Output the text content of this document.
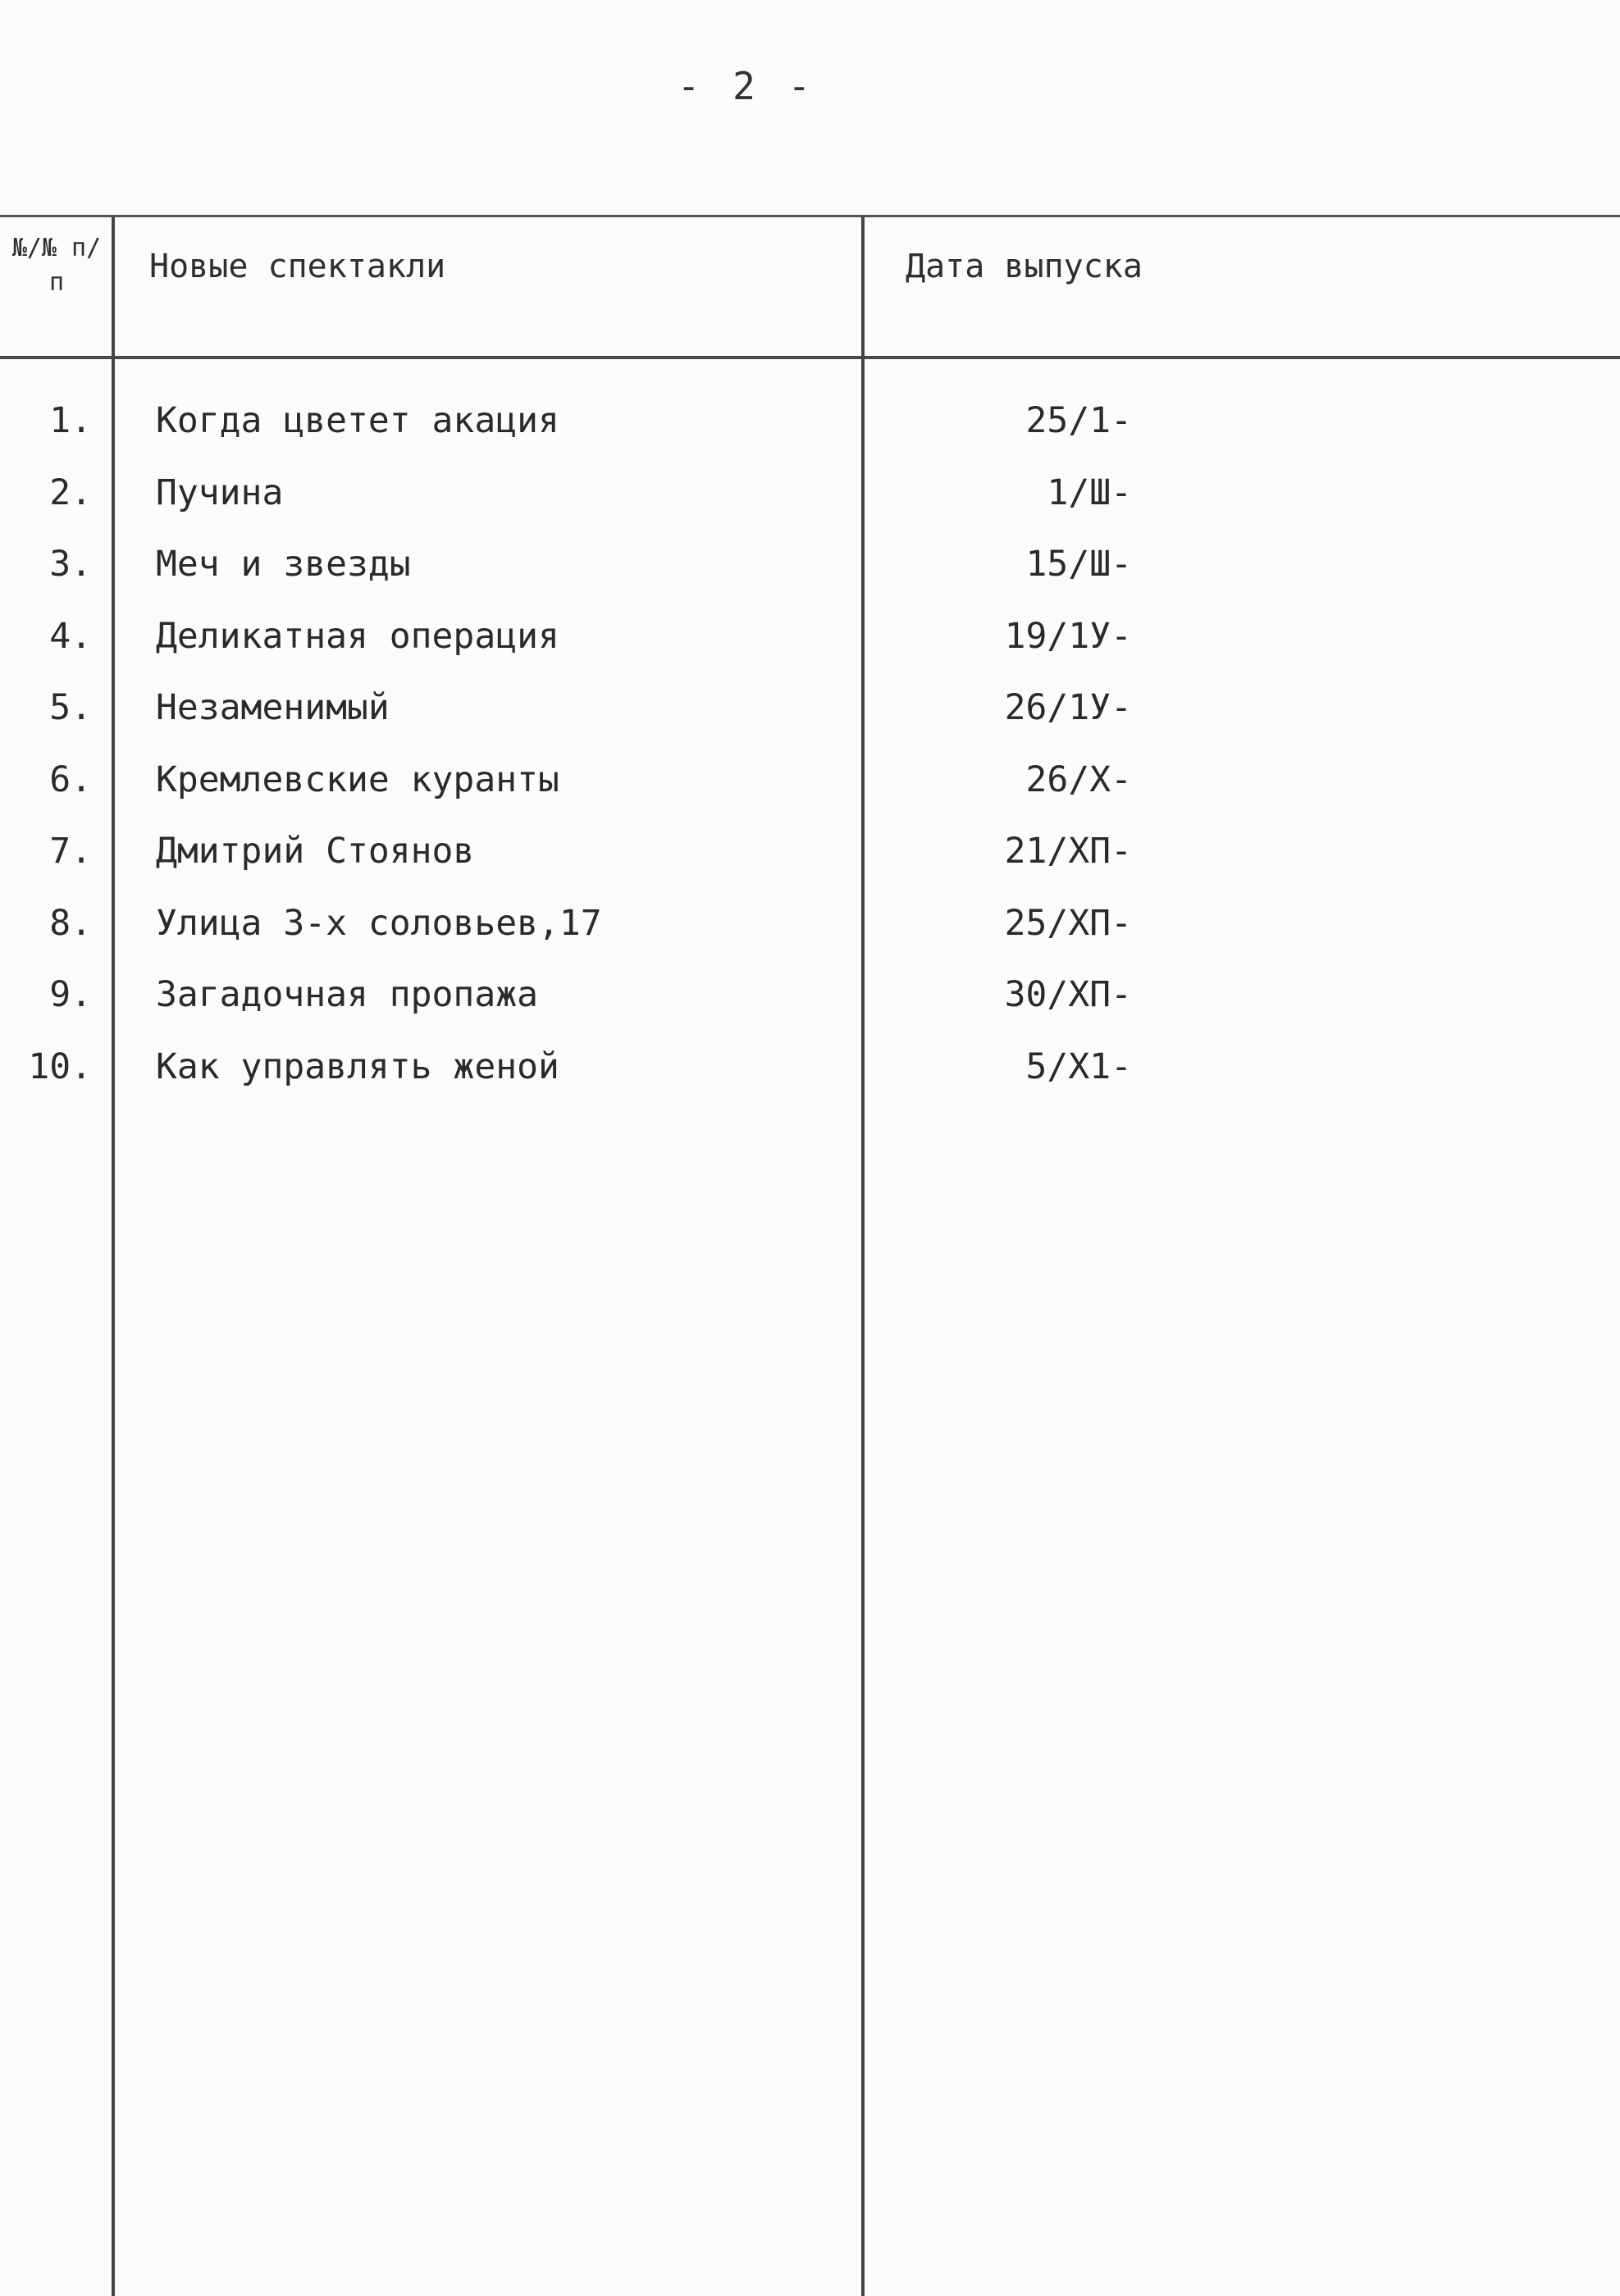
- 2 -
№/№ п/п	Новые спектакли	Дата выпуска
1. Когда цветет акация	25/1-
2. Пучина	1/Ш-
3. Меч и звезды	15/Ш-
4. Деликатная операция	19/1У-
5. Незаменимый	26/1У-
6. Кремлевские куранты	26/Х-
7. Дмитрий Стоянов	21/ХП-
8. Улица 3-х соловьев,17	25/ХП-
9. Загадочная пропажа	30/ХП-
10. Как управлять женой	5/Х1-
